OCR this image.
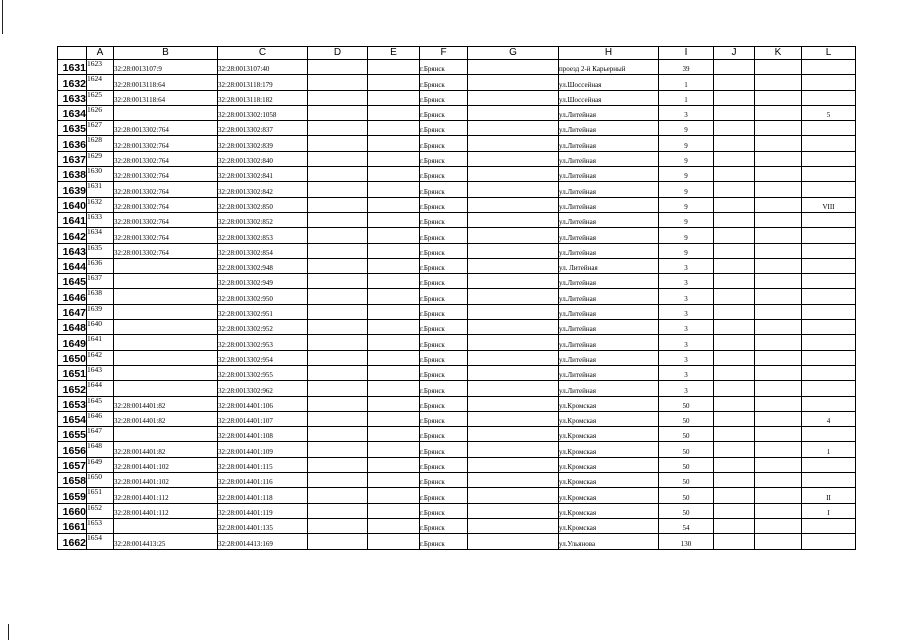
	A	B	C	D	E	F	G	H	I	J	K	L
1631	1623	32:28:0013107:9	32:28:0013107:40			г.Брянск		проезд 2-й Карьерный	39			
1632	1624	32:28:0013118:64	32:28:0013118:179			г.Брянск		ул.Шоссейная	1			
1633	1625	32:28:0013118:64	32:28:0013118:182			г.Брянск		ул.Шоссейная	1			
1634	1626		32:28:0013302:1058			г.Брянск		ул.Литейная	3			5
1635	1627	32:28:0013302:764	32:28:0013302:837			г.Брянск		ул.Литейная	9			
1636	1628	32:28:0013302:764	32:28:0013302:839			г.Брянск		ул.Литейная	9			
1637	1629	32:28:0013302:764	32:28:0013302:840			г.Брянск		ул.Литейная	9			
1638	1630	32:28:0013302:764	32:28:0013302:841			г.Брянск		ул.Литейная	9			
1639	1631	32:28:0013302:764	32:28:0013302:842			г.Брянск		ул.Литейная	9			
1640	1632	32:28:0013302:764	32:28:0013302:850			г.Брянск		ул.Литейная	9			VIII
1641	1633	32:28:0013302:764	32:28:0013302:852			г.Брянск		ул.Литейная	9			
1642	1634	32:28:0013302:764	32:28:0013302:853			г.Брянск		ул.Литейная	9			
1643	1635	32:28:0013302:764	32:28:0013302:854			г.Брянск		ул.Литейная	9			
1644	1636		32:28:0013302:948			г.Брянск		ул. Литейная	3			
1645	1637		32:28:0013302:949			г.Брянск		ул.Литейная	3			
1646	1638		32:28:0013302:950			г.Брянск		ул.Литейная	3			
1647	1639		32:28:0013302:951			г.Брянск		ул.Литейная	3			
1648	1640		32:28:0013302:952			г.Брянск		ул.Литейная	3			
1649	1641		32:28:0013302:953			г.Брянск		ул.Литейная	3			
1650	1642		32:28:0013302:954			г.Брянск		ул.Литейная	3			
1651	1643		32:28:0013302:955			г.Брянск		ул.Литейная	3			
1652	1644		32:28:0013302:962			г.Брянск		ул.Литейная	3			
1653	1645	32:28:0014401:82	32:28:0014401:106			г.Брянск		ул.Кромская	50			
1654	1646	32:28:0014401:82	32:28:0014401:107			г.Брянск		ул.Кромская	50			4
1655	1647		32:28:0014401:108			г.Брянск		ул.Кромская	50			
1656	1648	32:28:0014401:82	32:28:0014401:109			г.Брянск		ул.Кромская	50			1
1657	1649	32:28:0014401:102	32:28:0014401:115			г.Брянск		ул.Кромская	50			
1658	1650	32:28:0014401:102	32:28:0014401:116			г.Брянск		ул.Кромская	50			
1659	1651	32:28:0014401:112	32:28:0014401:118			г.Брянск		ул.Кромская	50			II
1660	1652	32:28:0014401:112	32:28:0014401:119			г.Брянск		ул.Кромская	50			I
1661	1653		32:28:0014401:135			г.Брянск		ул.Кромская	54			
1662	1654	32:28:0014413:25	32:28:0014413:169			г.Брянск		ул.Ульянова	130			
